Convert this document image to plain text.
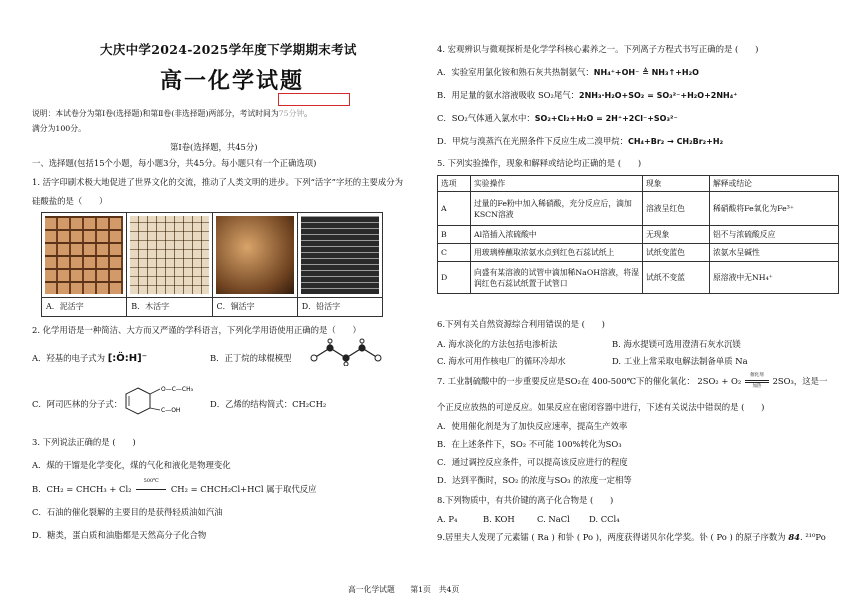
大庆中学2024-2025学年度下学期期末考试
高一化学试题
说明：本试卷分为第Ⅰ卷(选择题)和第Ⅱ卷(非选择题)两部分，考试时间为75分钟。
满分为100分。
第Ⅰ卷(选择题，共45分)
一、选择题(包括15个小题，每小题3分，共45分。每小题只有一个正确选项)
1. 活字印刷术极大地促进了世界文化的交流，推动了人类文明的进步。下列“活字”字坯的主要成分为
硅酸盐的是（　　）
A．泥活字	B．木活字	C．铜活字	D．铅活字
2. 化学用语是一种简洁、大方而又严谨的学科语言，下列化学用语使用正确的是（　　）
A．羟基的电子式为 [:Ö:H]⁻	B．正丁烷的球棍模型
C．阿司匹林的分子式：
O—C—CH₃
C—OH
D．乙烯的结构简式：CH₂CH₂
3. 下列说法正确的是 (　　)
A．煤的干馏是化学变化，煤的气化和液化是物理变化
B．CH₂ = CHCH₃ + Cl₂
500℃
CH₂ = CHCH₂Cl+HCl 属于取代反应
C．石油的催化裂解的主要目的是获得轻质油如汽油
D．糖类，蛋白质和油脂都是天然高分子化合物
4. 宏观辨识与微观探析是化学学科核心素养之一。下列离子方程式书写正确的是 (　　)
A．实验室用氯化铵和熟石灰共热制氨气：NH₄⁺+OH⁻ ≜ NH₃↑+H₂O
B．用足量的氨水溶液吸收 SO₂尾气：2NH₃·H₂O+SO₂ = SO₃²⁻+H₂O+2NH₄⁺
C．SO₂气体通入氯水中：SO₂+Cl₂+H₂O = 2H⁺+2Cl⁻+SO₃²⁻
D．甲烷与溴蒸汽在光照条件下反应生成二溴甲烷：CH₄+Br₂ → CH₂Br₂+H₂
5. 下列实验操作，现象和解释或结论均正确的是 (　　)
选项	实验操作	现象	解释或结论
A	过量的Fe粉中加入稀硝酸，充分反应后，滴加KSCN溶液	溶液呈红色	稀硝酸将Fe氧化为Fe³⁺
B	Al箔插入浓硫酸中	无现象	铝不与浓硫酸反应
C	用玻璃棒蘸取浓氨水点到红色石蕊试纸上	试纸变蓝色	浓氨水呈碱性
D	向盛有某溶液的试管中滴加稀NaOH溶液，将湿润红色石蕊试纸置于试管口	试纸不变蓝	原溶液中无NH₄⁺
6.下列有关自然资源综合利用错误的是 (　　)
A. 海水淡化的方法包括电渗析法	B. 海水提镁可选用澄清石灰水沉镁
C. 海水可用作核电厂的循环冷却水	D. 工业上常采取电解法制备单质 Na
7. 工业制硫酸中的一步重要反应是SO₂在 400-500℃下的催化氧化： 2SO₂ + O₂
催化剂
加热
2SO₃，这是一
个正反应放热的可逆反应。如果反应在密闭容器中进行，下述有关说法中错误的是 (　　)
A．使用催化剂是为了加快反应速率，提高生产效率
B．在上述条件下，SO₂ 不可能 100%转化为SO₃
C．通过调控反应条件，可以提高该反应进行的程度
D．达到平衡时，SO₂ 的浓度与SO₃ 的浓度一定相等
8.下列物质中，有共价键的离子化合物是 (　　)
A. P₄	B. KOH	C. NaCl D. CCl₄
9.居里夫人发现了元素镭 ( Ra ) 和钋 ( Po )，两度获得诺贝尔化学奖。钋 ( Po ) 的原子序数为 84. ²¹⁰Po
高一化学试题　　第1页　共4页
